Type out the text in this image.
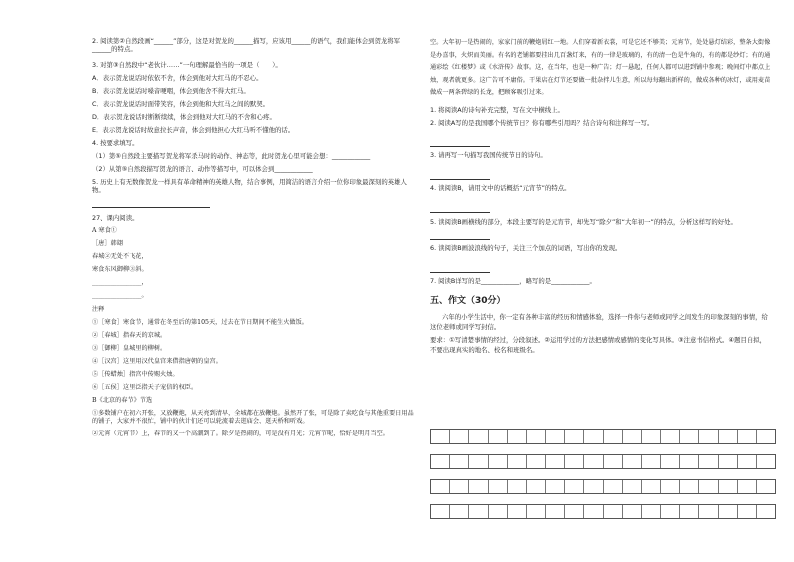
2. 阅读第②自然段画“______”部分，这是对贺龙的______描写，应该用______的语气，我们能体会到贺龙将军______的特点。

3. 对第③自然段中“老伙计……”一句理解最恰当的一项是（　　）。

A．表示贺龙说话时依依不舍，体会到他对大红马的不忍心。

B．表示贺龙说话时嗓音哽咽，体会到他舍不得大红马。

C．表示贺龙说话时面带笑容，体会到他和大红马之间的默契。

D．表示贺龙说话时断断续续，体会到他对大红马的不舍和心疼。

E．表示贺龙说话时故意拉长声音，体会到他担心大红马听不懂他的话。

4. 按要求填写。

（1）第⑤自然段主要描写贺龙将军杀马时的动作、神态等，此时贺龙心里可能会想：____________

（2）从第⑤自然段描写贺龙的语言、动作等描写中，可以体会到____________

5. 历史上有无数像贺龙一样具有革命精神的英雄人物，结合事例，用简洁的语言介绍一位你印象最深刻的英雄人物。

27、课内阅读。

A 寒食①

［唐］韩翃

春城②无处不飞花，

寒食东风御柳③斜。

________________，

________________。

注释

①［寒食］寒食节，通常在冬至后的第105天，过去在节日期间不能生火做饭。

②［春城］指春天的京城。

③［御柳］皇城里的柳树。

④［汉宫］这里用汉代皇宫来借指唐朝的皇宫。

⑤［传蜡烛］指宫中传赐火烛。

⑥［五侯］这里泛指天子宠信的权臣。

B《北京的春节》节选

①多数铺户在初六开张，又放鞭炮，从天亮到清早，全城都在放鞭炮。虽然开了张，可是除了卖吃食与其他重要日用品的铺子，大家并不很忙，铺中的伙计们还可以轮流着去逛庙会、逛天桥和听戏。

②元宵（元宵节）上，春节的又一个高潮到了。除夕是热闹的，可是没有月光；元宵节呢，恰好是明月当空。

空。大年初一是热闹的，家家门前的鞭炮屑红一地。人们穿着新衣裳，可是它还不够美；元宵节，处处悬灯结彩，整条大街像是办喜事，火炽而美丽。有名的老铺都要挂出几百盏灯来，有的一律是玻璃的，有的清一色是牛角的，有的都是纱灯；有的通通彩绘《红楼梦》或《水浒传》故事。这，在当年，也是一种广告；灯一悬起，任何人都可以进到铺中参观；晚间灯中都点上烛，观者就更多。这广告可不庸俗。干果店在灯节还要做一批杂拌儿生意，所以每每翻出新样的，做成各种的冰灯，或用麦苗做成一两条碧绿的长龙，把顾客吸引过来。

1. 将阅读A的诗句补充完整，写在文中横线上。

2. 阅读A写的是我国哪个传统节日？你有哪些引用吗？结合诗句和注释写一写。

3. 请再写一句描写我国传统节日的诗句。

4. 读阅读B，请用文中的话概括“元宵节”的特点。

5. 读阅读B画横线的部分，本段主要写的是元宵节，却先写“除夕”和“大年初一”的特点，分析这样写的好处。

6. 读阅读B画波浪线的句子，关注三个加点的词语，写出你的发现。

7. 阅读B详写的是____________，略写的是____________。

五、作文（30分）

六年的小学生活中，你一定有各种丰富的经历和情感体验，选择一件你与老师或同学之间发生的印象深刻的事情，给这位老师或同学写封信。

要求：①写清楚事情的经过，分段叙述。②运用学过的方法把感情或感情的变化写具体。③注意书信格式。④题目自拟，不要出现真实的地名、校名和班级名。
